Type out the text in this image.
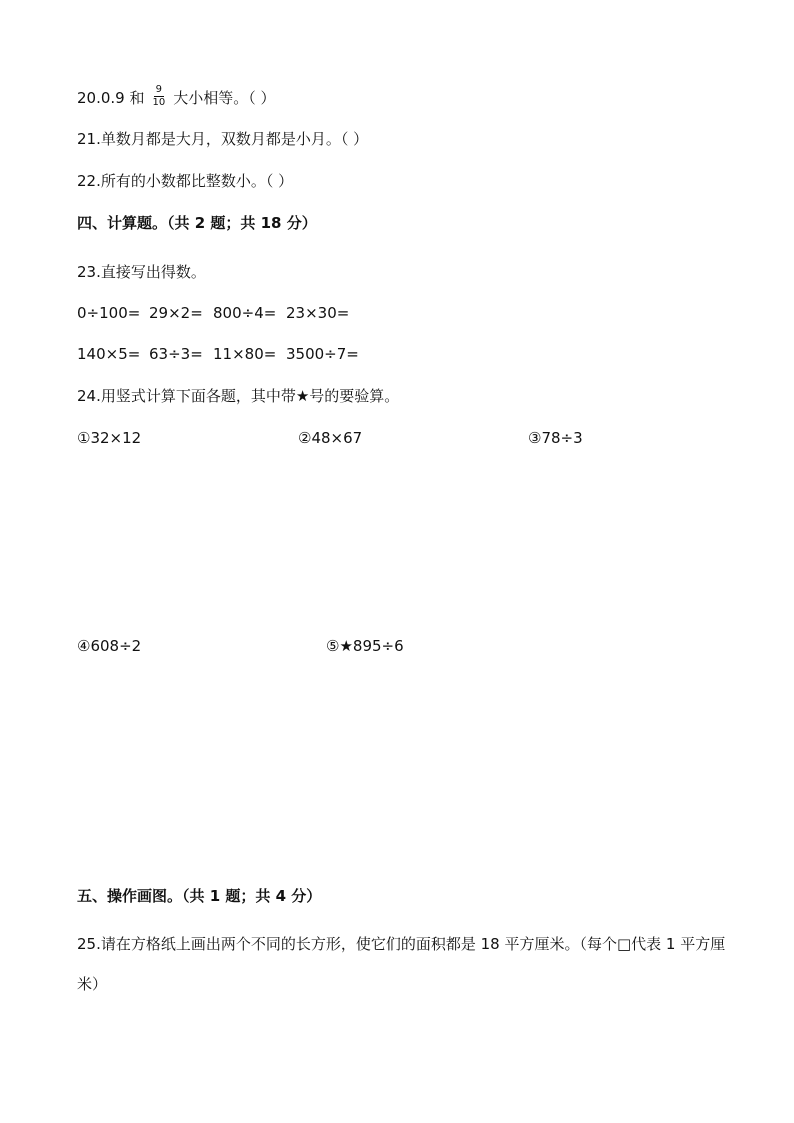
20.0.9 和 $\frac{9}{10}$ 大小相等。（ ）
21.单数月都是大月，双数月都是小月。（ ）
22.所有的小数都比整数小。（ ）
四、计算题。（共 2 题；共 18 分）
23.直接写出得数。
0÷100= 29×2= 800÷4= 23×30=
140×5= 63÷3= 11×80= 3500÷7=
24.用竖式计算下面各题，其中带★号的要验算。
①32×12	②48×67	③78÷3
④608÷2	⑤★895÷6
五、操作画图。（共 1 题；共 4 分）
25.请在方格纸上画出两个不同的长方形，使它们的面积都是 18 平方厘米。（每个□代表 1 平方厘米）
